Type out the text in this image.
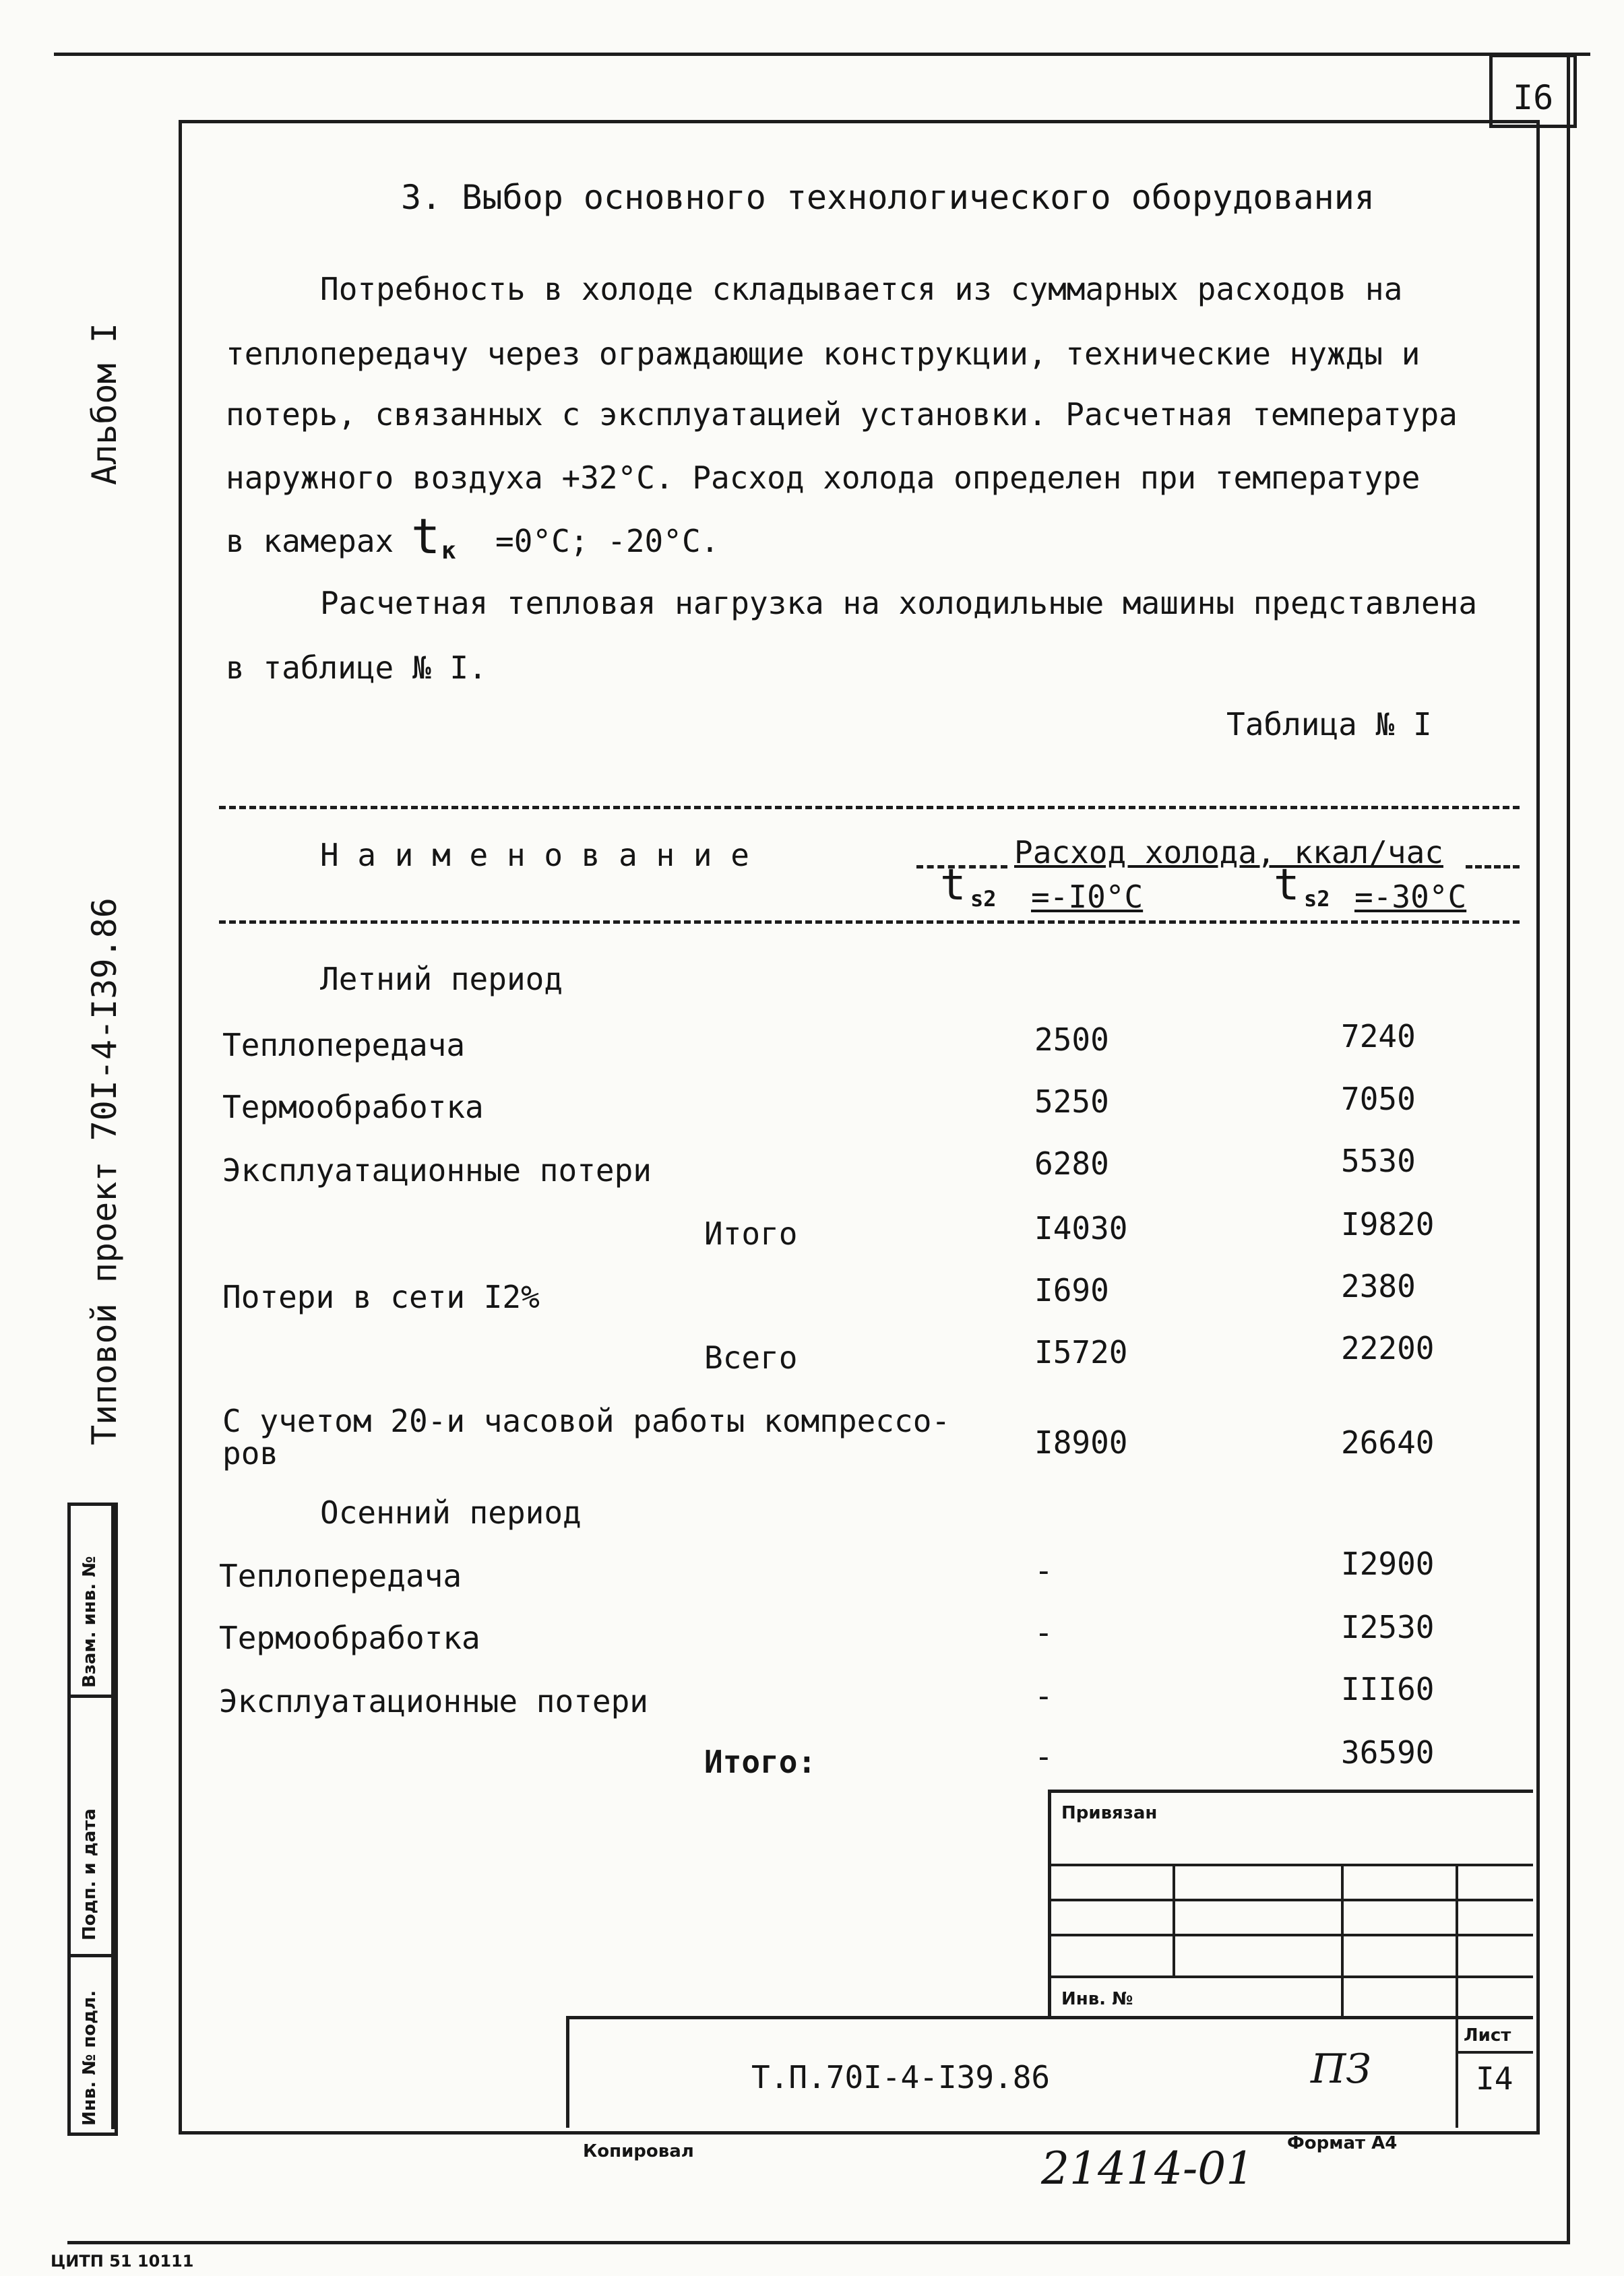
I6
Взам. инв. №
Подп. и дата
Инв. № подл.
Альбом I
Типовой проект 70I-4-I39.86
3. Выбор основного технологического оборудования
Потребность в холоде складывается из суммарных расходов на
теплопередачу через ограждающие конструкции, технические нужды и
потерь, связанных с эксплуатацией установки. Расчетная температура
наружного воздуха +32°С. Расход холода определен при температуре
в камерах t к =0°С; -20°С.
Расчетная тепловая нагрузка на холодильные машины представлена
в таблице № I.
Таблица № I
Н а и м е н о в а н и е	Расход холода, ккал/час
t s2 =-I0°С	t s2 =-30°С
Летний период
Теплопередача	2500	7240
Термообработка	5250	7050
Эксплуатационные потери	6280	5530
Итого	I4030	I9820
Потери в сети I2%	I690	2380
Всего	I5720	22200
С учетом 20-и часовой работы компрессо-
ров	I8900	26640
Осенний период
Теплопередача	-	I2900
Термообработка	-	I2530
Эксплуатационные потери	-	III60
Итого:	-	36590
Привязан
Инв. №
Т.П.70I-4-I39.86	ПЗ
Лист
I4
Копировал	21414-01 Формат А4
ЦИТП 51 10111
